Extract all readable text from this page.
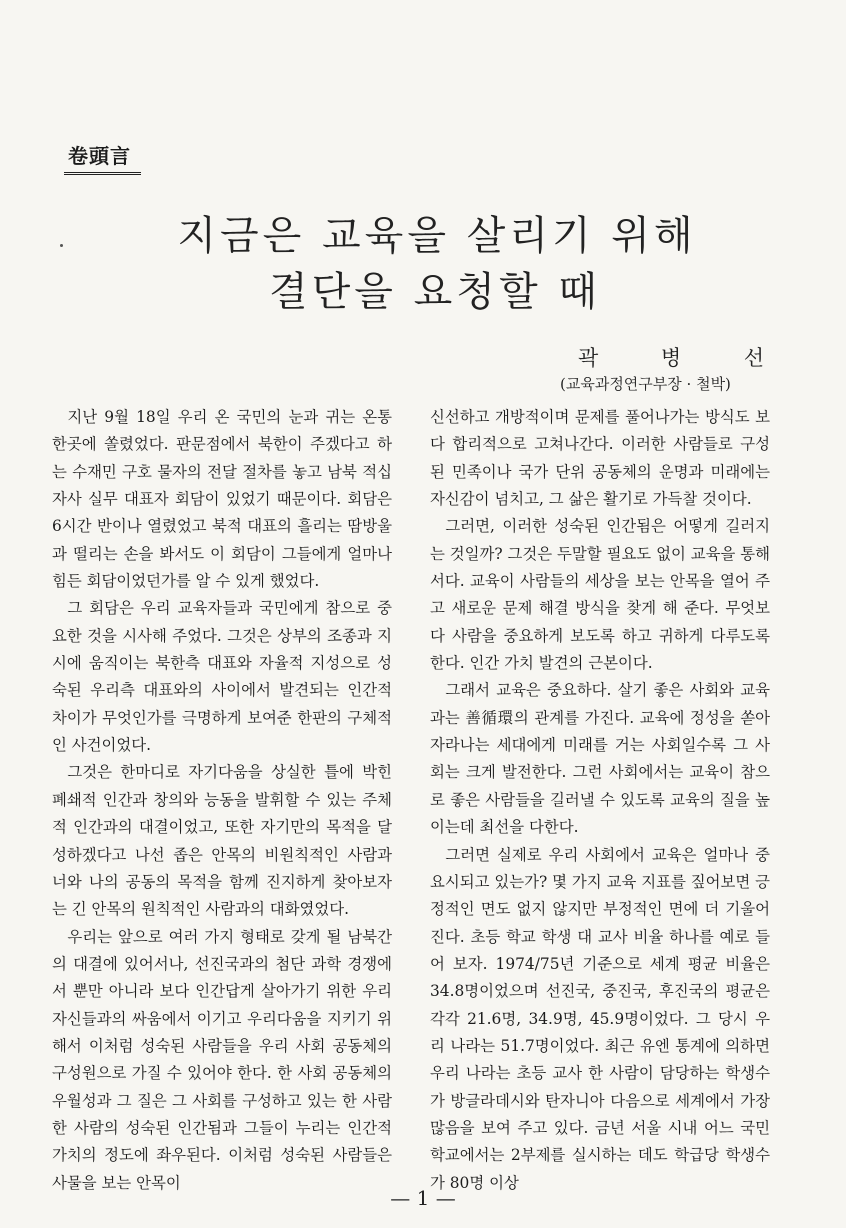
卷頭言
지금은 교육을 살리기 위해
결단을 요청할 때
곽	병	선
(교육과정연구부장 · 철박)

지난 9월 18일 우리 온 국민의 눈과 귀는 온통 한곳에 쏠렸었다. 판문점에서 북한이 주겠다고 하는 수재민 구호 물자의 전달 절차를 놓고 남북 적십자사 실무 대표자 회담이 있었기 때문이다. 회담은 6시간 반이나 열렸었고 북적 대표의 흘리는 땀방울과 떨리는 손을 봐서도 이 회담이 그들에게 얼마나 힘든 회담이었던가를 알 수 있게 했었다.

그 회담은 우리 교육자들과 국민에게 참으로 중요한 것을 시사해 주었다. 그것은 상부의 조종과 지시에 움직이는 북한측 대표와 자율적 지성으로 성숙된 우리측 대표와의 사이에서 발견되는 인간적 차이가 무엇인가를 극명하게 보여준 한판의 구체적인 사건이었다.

그것은 한마디로 자기다움을 상실한 틀에 박힌 폐쇄적 인간과 창의와 능동을 발휘할 수 있는 주체적 인간과의 대결이었고, 또한 자기만의 목적을 달성하겠다고 나선 좁은 안목의 비원칙적인 사람과 너와 나의 공동의 목적을 함께 진지하게 찾아보자는 긴 안목의 원칙적인 사람과의 대화였었다.

우리는 앞으로 여러 가지 형태로 갖게 될 남북간의 대결에 있어서나, 선진국과의 첨단 과학 경쟁에서 뿐만 아니라 보다 인간답게 살아가기 위한 우리 자신들과의 싸움에서 이기고 우리다움을 지키기 위해서 이처럼 성숙된 사람들을 우리 사회 공동체의 구성원으로 가질 수 있어야 한다. 한 사회 공동체의 우월성과 그 질은 그 사회를 구성하고 있는 한 사람 한 사람의 성숙된 인간됨과 그들이 누리는 인간적 가치의 정도에 좌우된다. 이처럼 성숙된 사람들은 사물을 보는 안목이

신선하고 개방적이며 문제를 풀어나가는 방식도 보다 합리적으로 고쳐나간다. 이러한 사람들로 구성된 민족이나 국가 단위 공동체의 운명과 미래에는 자신감이 넘치고, 그 삶은 활기로 가득찰 것이다.

그러면, 이러한 성숙된 인간됨은 어떻게 길러지는 것일까? 그것은 두말할 필요도 없이 교육을 통해서다. 교육이 사람들의 세상을 보는 안목을 열어 주고 새로운 문제 해결 방식을 찾게 해 준다. 무엇보다 사람을 중요하게 보도록 하고 귀하게 다루도록 한다. 인간 가치 발견의 근본이다.

그래서 교육은 중요하다. 살기 좋은 사회와 교육과는 善循環의 관계를 가진다. 교육에 정성을 쏟아 자라나는 세대에게 미래를 거는 사회일수록 그 사회는 크게 발전한다. 그런 사회에서는 교육이 참으로 좋은 사람들을 길러낼 수 있도록 교육의 질을 높이는데 최선을 다한다.

그러면 실제로 우리 사회에서 교육은 얼마나 중요시되고 있는가? 몇 가지 교육 지표를 짚어보면 긍정적인 면도 없지 않지만 부정적인 면에 더 기울어진다. 초등 학교 학생 대 교사 비율 하나를 예로 들어 보자. 1974/75년 기준으로 세계 평균 비율은 34.8명이었으며 선진국, 중진국, 후진국의 평균은 각각 21.6명, 34.9명, 45.9명이었다. 그 당시 우리 나라는 51.7명이었다. 최근 유엔 통계에 의하면 우리 나라는 초등 교사 한 사람이 담당하는 학생수가 방글라데시와 탄자니아 다음으로 세계에서 가장 많음을 보여 주고 있다. 금년 서울 시내 어느 국민학교에서는 2부제를 실시하는 데도 학급당 학생수가 80명 이상

— 1 —
